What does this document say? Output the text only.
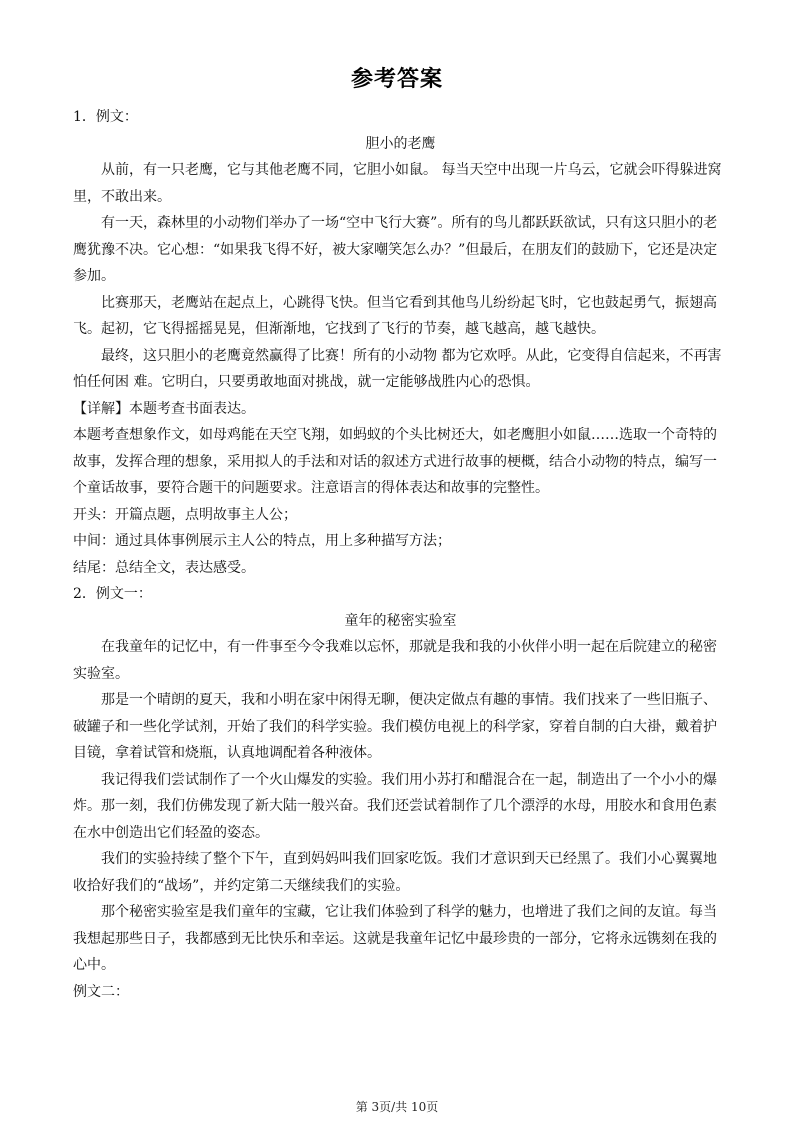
参考答案

1．例文：

胆小的老鹰

从前，有一只老鹰，它与其他老鹰不同，它胆小如鼠。 每当天空中出现一片乌云，它就会吓得躲进窝里，不敢出来。

有一天，森林里的小动物们举办了一场“空中飞行大赛”。所有的鸟儿都跃跃欲试，只有这只胆小的老鹰犹豫不决。它心想：“如果我飞得不好，被大家嘲笑怎么办？”但最后，在朋友们的鼓励下，它还是决定参加。

比赛那天，老鹰站在起点上，心跳得飞快。但当它看到其他鸟儿纷纷起飞时，它也鼓起勇气，振翅高飞。起初，它飞得摇摇晃晃，但渐渐地，它找到了飞行的节奏，越飞越高，越飞越快。

最终，这只胆小的老鹰竟然赢得了比赛！所有的小动物 都为它欢呼。从此，它变得自信起来，不再害怕任何困 难。它明白，只要勇敢地面对挑战，就一定能够战胜内心的恐惧。

【详解】本题考查书面表达。

本题考查想象作文，如母鸡能在天空飞翔，如蚂蚁的个头比树还大，如老鹰胆小如鼠……选取一个奇特的故事，发挥合理的想象，采用拟人的手法和对话的叙述方式进行故事的梗概，结合小动物的特点，编写一个童话故事，要符合题干的问题要求。注意语言的得体表达和故事的完整性。

开头：开篇点题，点明故事主人公；

中间：通过具体事例展示主人公的特点，用上多种描写方法；

结尾：总结全文，表达感受。

2．例文一：

童年的秘密实验室

在我童年的记忆中，有一件事至今令我难以忘怀，那就是我和我的小伙伴小明一起在后院建立的秘密实验室。

那是一个晴朗的夏天，我和小明在家中闲得无聊，便决定做点有趣的事情。我们找来了一些旧瓶子、破罐子和一些化学试剂，开始了我们的科学实验。我们模仿电视上的科学家，穿着自制的白大褂，戴着护目镜，拿着试管和烧瓶，认真地调配着各种液体。

我记得我们尝试制作了一个火山爆发的实验。我们用小苏打和醋混合在一起，制造出了一个小小的爆炸。那一刻，我们仿佛发现了新大陆一般兴奋。我们还尝试着制作了几个漂浮的水母，用胶水和食用色素在水中创造出它们轻盈的姿态。

我们的实验持续了整个下午，直到妈妈叫我们回家吃饭。我们才意识到天已经黑了。我们小心翼翼地收拾好我们的“战场”，并约定第二天继续我们的实验。

那个秘密实验室是我们童年的宝藏，它让我们体验到了科学的魅力，也增进了我们之间的友谊。每当我想起那些日子，我都感到无比快乐和幸运。这就是我童年记忆中最珍贵的一部分，它将永远镌刻在我的心中。

例文二：

第 3页/共 10页
